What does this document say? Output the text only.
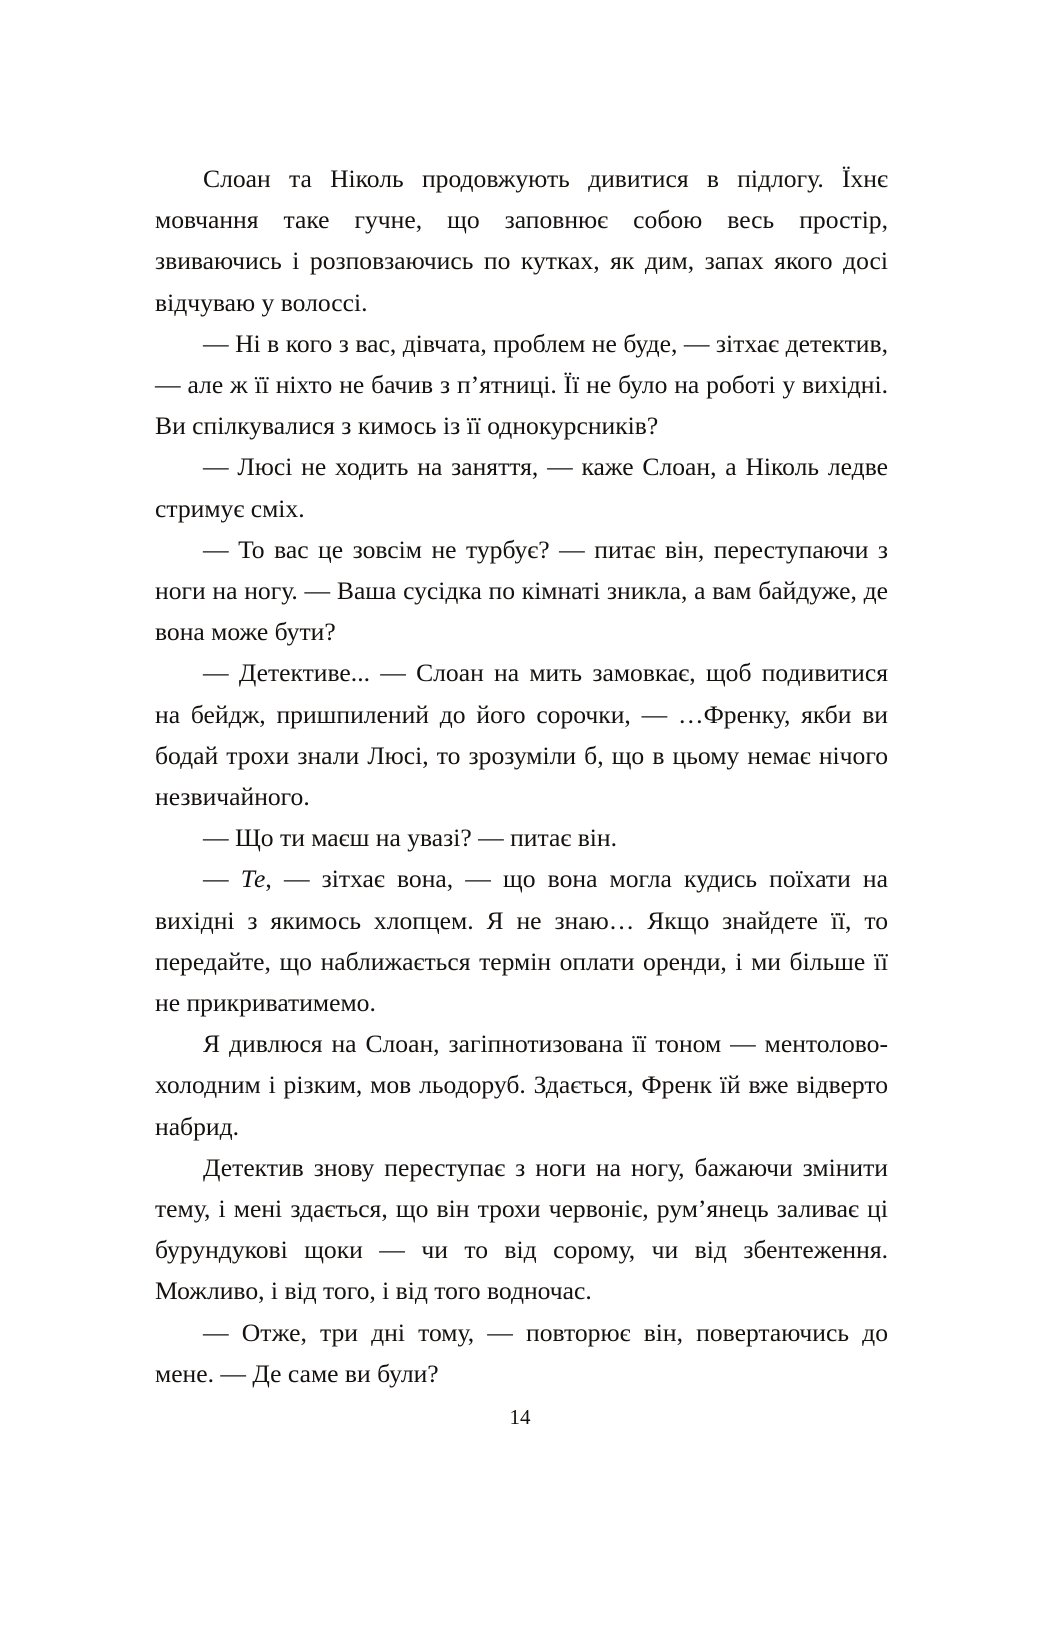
Слоан та Ніколь продовжують дивитися в підлогу. Їхнє мовчання таке гучне, що заповнює собою весь простір, звиваючись і розповзаючись по кутках, як дим, запах якого досі відчуваю у волоссі.

— Ні в кого з вас, дівчата, проблем не буде, — зітхає детектив, — але ж її ніхто не бачив з п’ятниці. Її не було на роботі у вихідні. Ви спілкувалися з кимось із її однокурсників?

— Люсі не ходить на заняття, — каже Слоан, а Ніколь ледве стримує сміх.

— То вас це зовсім не турбує? — питає він, переступаючи з ноги на ногу. — Ваша сусідка по кімнаті зникла, а вам байдуже, де вона може бути?

— Детективе... — Слоан на мить замовкає, щоб подивитися на бейдж, пришпилений до його сорочки, — …Френку, якби ви бодай трохи знали Люсі, то зрозуміли б, що в цьому немає нічого незвичайного.

— Що ти маєш на увазі? — питає він.

— Те, — зітхає вона, — що вона могла кудись поїхати на вихідні з якимось хлопцем. Я не знаю… Якщо знайдете її, то передайте, що наближається термін оплати оренди, і ми більше її не прикриватимемо.

Я дивлюся на Слоан, загіпнотизована її тоном — ментолово-холодним і різким, мов льодоруб. Здається, Френк їй вже відверто набрид.

Детектив знову переступає з ноги на ногу, бажаючи змінити тему, і мені здається, що він трохи червоніє, рум’янець заливає ці бурундукові щоки — чи то від сорому, чи від збентеження. Можливо, і від того, і від того водночас.

— Отже, три дні тому, — повторює він, повертаючись до мене. — Де саме ви були?

14
